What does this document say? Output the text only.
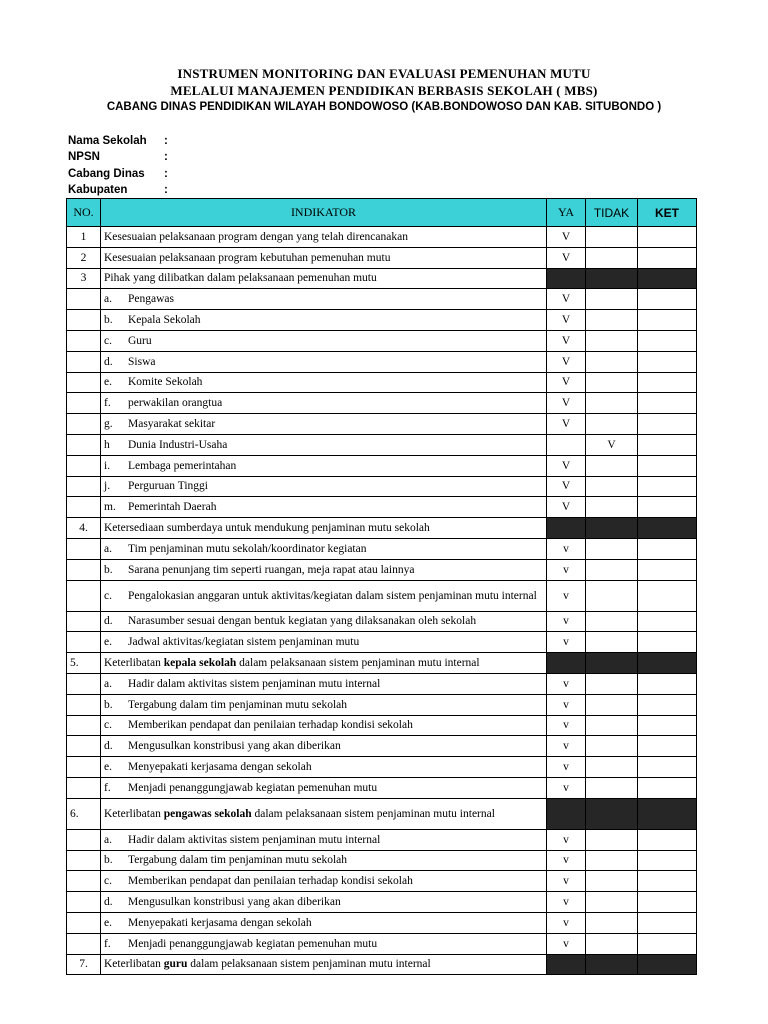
INSTRUMEN MONITORING DAN EVALUASI PEMENUHAN MUTU
MELALUI MANAJEMEN PENDIDIKAN BERBASIS SEKOLAH ( MBS)
CABANG DINAS PENDIDIKAN WILAYAH BONDOWOSO (KAB.BONDOWOSO DAN KAB. SITUBONDO )
Nama Sekolah :
NPSN	:
Cabang Dinas :
Kabupaten	:
NO.	INDIKATOR	YA	TIDAK	KET
1	Kesesuaian pelaksanaan program dengan yang telah direncanakan	V		
2	Kesesuaian pelaksanaan program kebutuhan pemenuhan mutu	V		
3	Pihak yang dilibatkan dalam pelaksanaan pemenuhan mutu			
	a. Pengawas	V		
	b. Kepala Sekolah	V		
	c. Guru	V		
	d. Siswa	V		
	e. Komite Sekolah	V		
	f. perwakilan orangtua	V		
	g. Masyarakat sekitar	V		
	h Dunia Industri-Usaha		V	
	i. Lembaga pemerintahan	V		
	j. Perguruan Tinggi	V		
	m. Pemerintah Daerah	V		
4.	Ketersediaan sumberdaya untuk mendukung penjaminan mutu sekolah			
	a. Tim penjaminan mutu sekolah/koordinator kegiatan	v		
	b. Sarana penunjang tim seperti ruangan, meja rapat atau lainnya	v		
	c. Pengalokasian anggaran untuk aktivitas/kegiatan dalam sistem penjaminan mutu internal	v		
	d. Narasumber sesuai dengan bentuk kegiatan yang dilaksanakan oleh sekolah	v		
	e. Jadwal aktivitas/kegiatan sistem penjaminan mutu	v		
5.	Keterlibatan kepala sekolah dalam pelaksanaan sistem penjaminan mutu internal			
	a. Hadir dalam aktivitas sistem penjaminan mutu internal	v		
	b. Tergabung dalam tim penjaminan mutu sekolah	v		
	c. Memberikan pendapat dan penilaian terhadap kondisi sekolah	v		
	d. Mengusulkan konstribusi yang akan diberikan	v		
	e. Menyepakati kerjasama dengan sekolah	v		
	f. Menjadi penanggungjawab kegiatan pemenuhan mutu	v		
6.	Keterlibatan pengawas sekolah dalam pelaksanaan sistem penjaminan mutu internal			
	a. Hadir dalam aktivitas sistem penjaminan mutu internal	v		
	b. Tergabung dalam tim penjaminan mutu sekolah	v		
	c. Memberikan pendapat dan penilaian terhadap kondisi sekolah	v		
	d. Mengusulkan konstribusi yang akan diberikan	v		
	e. Menyepakati kerjasama dengan sekolah	v		
	f. Menjadi penanggungjawab kegiatan pemenuhan mutu	v		
7.	Keterlibatan guru dalam pelaksanaan sistem penjaminan mutu internal			
